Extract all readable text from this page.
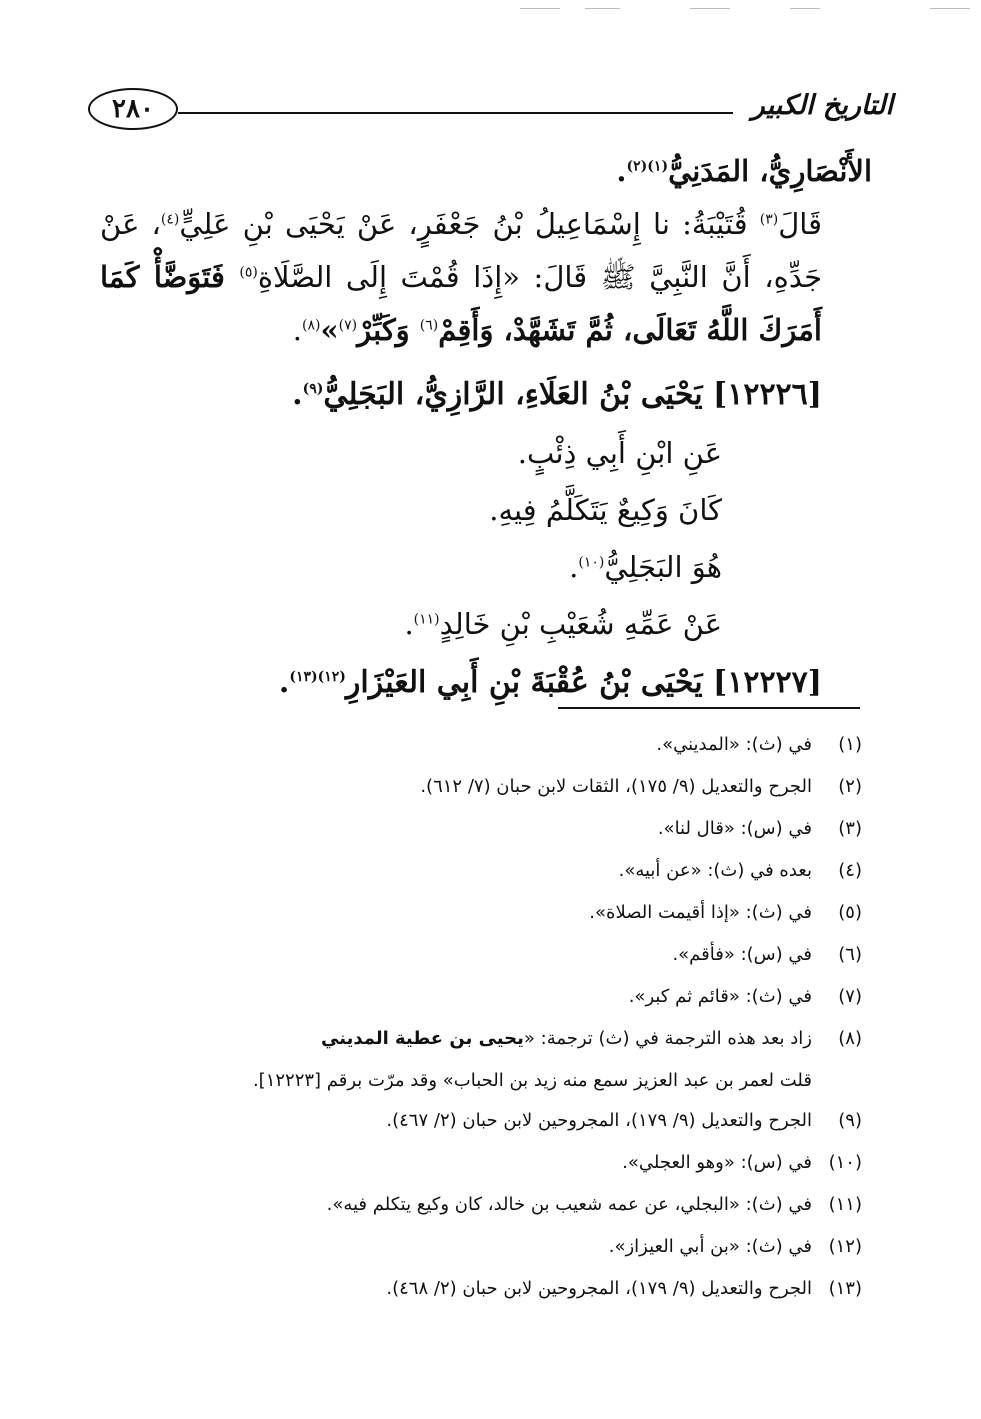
٢٨٠	التاريخ الكبير

الأَنْصَارِيُّ، المَدَنِيُّ$^{(١)(٢)}$.

قَالَ$^{(٣)}$ قُتَيْبَةُ: نا إِسْمَاعِيلُ بْنُ جَعْفَرٍ، عَنْ يَحْيَى بْنِ عَلِيٍّ$^{(٤)}$، عَنْ جَدِّهِ، أَنَّ النَّبِيَّ ﷺ قَالَ: «إِذَا قُمْتَ إِلَى الصَّلَاةِ$^{(٥)}$ فَتَوَضَّأْ كَمَا أَمَرَكَ اللَّهُ تَعَالَى، ثُمَّ تَشَهَّدْ، وَأَقِمْ$^{(٦)}$ وَكَبِّرْ$^{(٧)}$»$^{(٨)}$.

[١٢٢٢٦] يَحْيَى بْنُ العَلَاءِ، الرَّازِيُّ، البَجَلِيُّ$^{(٩)}$.

عَنِ ابْنِ أَبِي ذِئْبٍ.

كَانَ وَكِيعٌ يَتَكَلَّمُ فِيهِ.

هُوَ البَجَلِيُّ$^{(١٠)}$.

عَنْ عَمِّهِ شُعَيْبِ بْنِ خَالِدٍ$^{(١١)}$.

[١٢٢٢٧] يَحْيَى بْنُ عُقْبَةَ بْنِ أَبِي العَيْزَارِ$^{(١٢)(١٣)}$.

(١)
في (ث): «المديني».
(٢)
الجرح والتعديل (٩/ ١٧٥)، الثقات لابن حبان (٧/ ٦١٢).
(٣)
في (س): «قال لنا».
(٤)
بعده في (ث): «عن أبيه».
(٥)
في (ث): «إذا أقيمت الصلاة».
(٦)
في (س): «فأقم».
(٧)
في (ث): «قائم ثم كبر».
(٨)
زاد بعد هذه الترجمة في (ث) ترجمة: «يحيى بن عطية المديني
قلت لعمر بن عبد العزيز سمع منه زيد بن الحباب» وقد مرّت برقم [١٢٢٢٣].
(٩)
الجرح والتعديل (٩/ ١٧٩)، المجروحين لابن حبان (٢/ ٤٦٧).
(١٠)
في (س): «وهو العجلي».
(١١)
في (ث): «البجلي، عن عمه شعيب بن خالد، كان وكيع يتكلم فيه».
(١٢)
في (ث): «بن أبي العيزاز».
(١٣)
الجرح والتعديل (٩/ ١٧٩)، المجروحين لابن حبان (٢/ ٤٦٨).
